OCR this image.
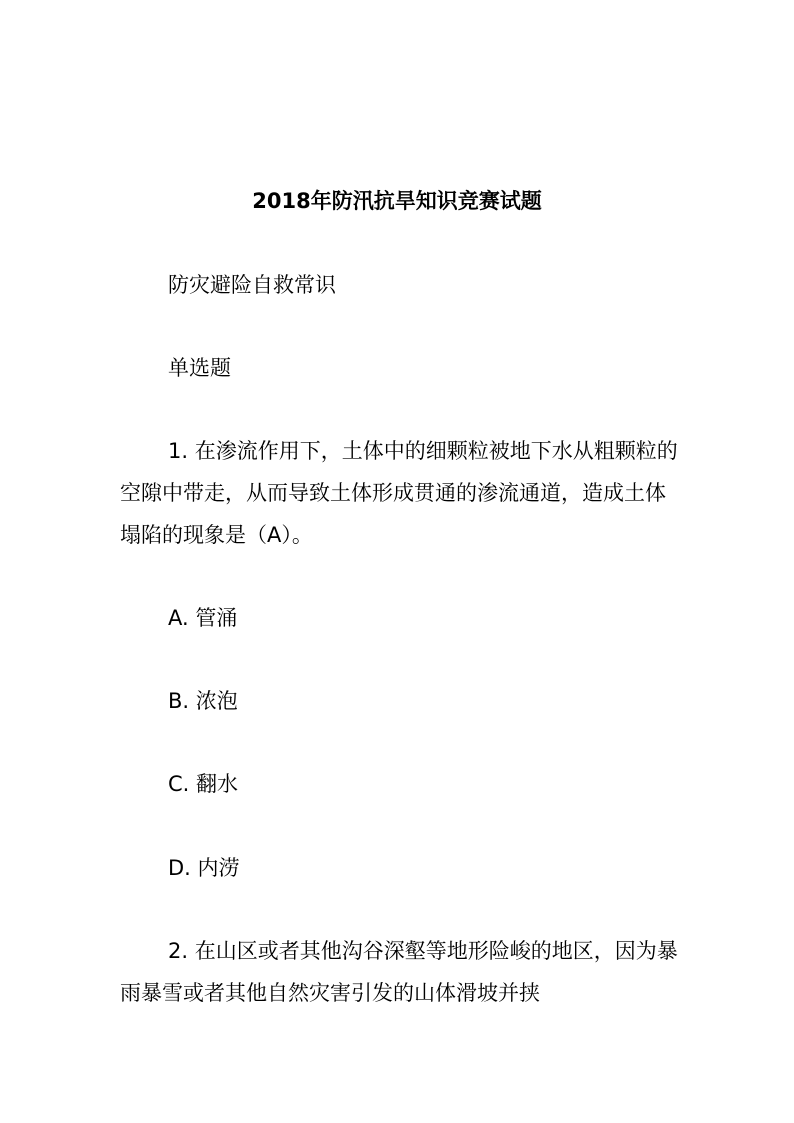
2018年防汛抗旱知识竞赛试题
防灾避险自救常识
单选题
1. 在渗流作用下，土体中的细颗粒被地下水从粗颗粒的空隙中带走，从而导致土体形成贯通的渗流通道，造成土体塌陷的现象是（A）。
A. 管涌
B. 浓泡
C. 翻水
D. 内涝
2. 在山区或者其他沟谷深壑等地形险峻的地区，因为暴雨暴雪或者其他自然灾害引发的山体滑坡并挟
